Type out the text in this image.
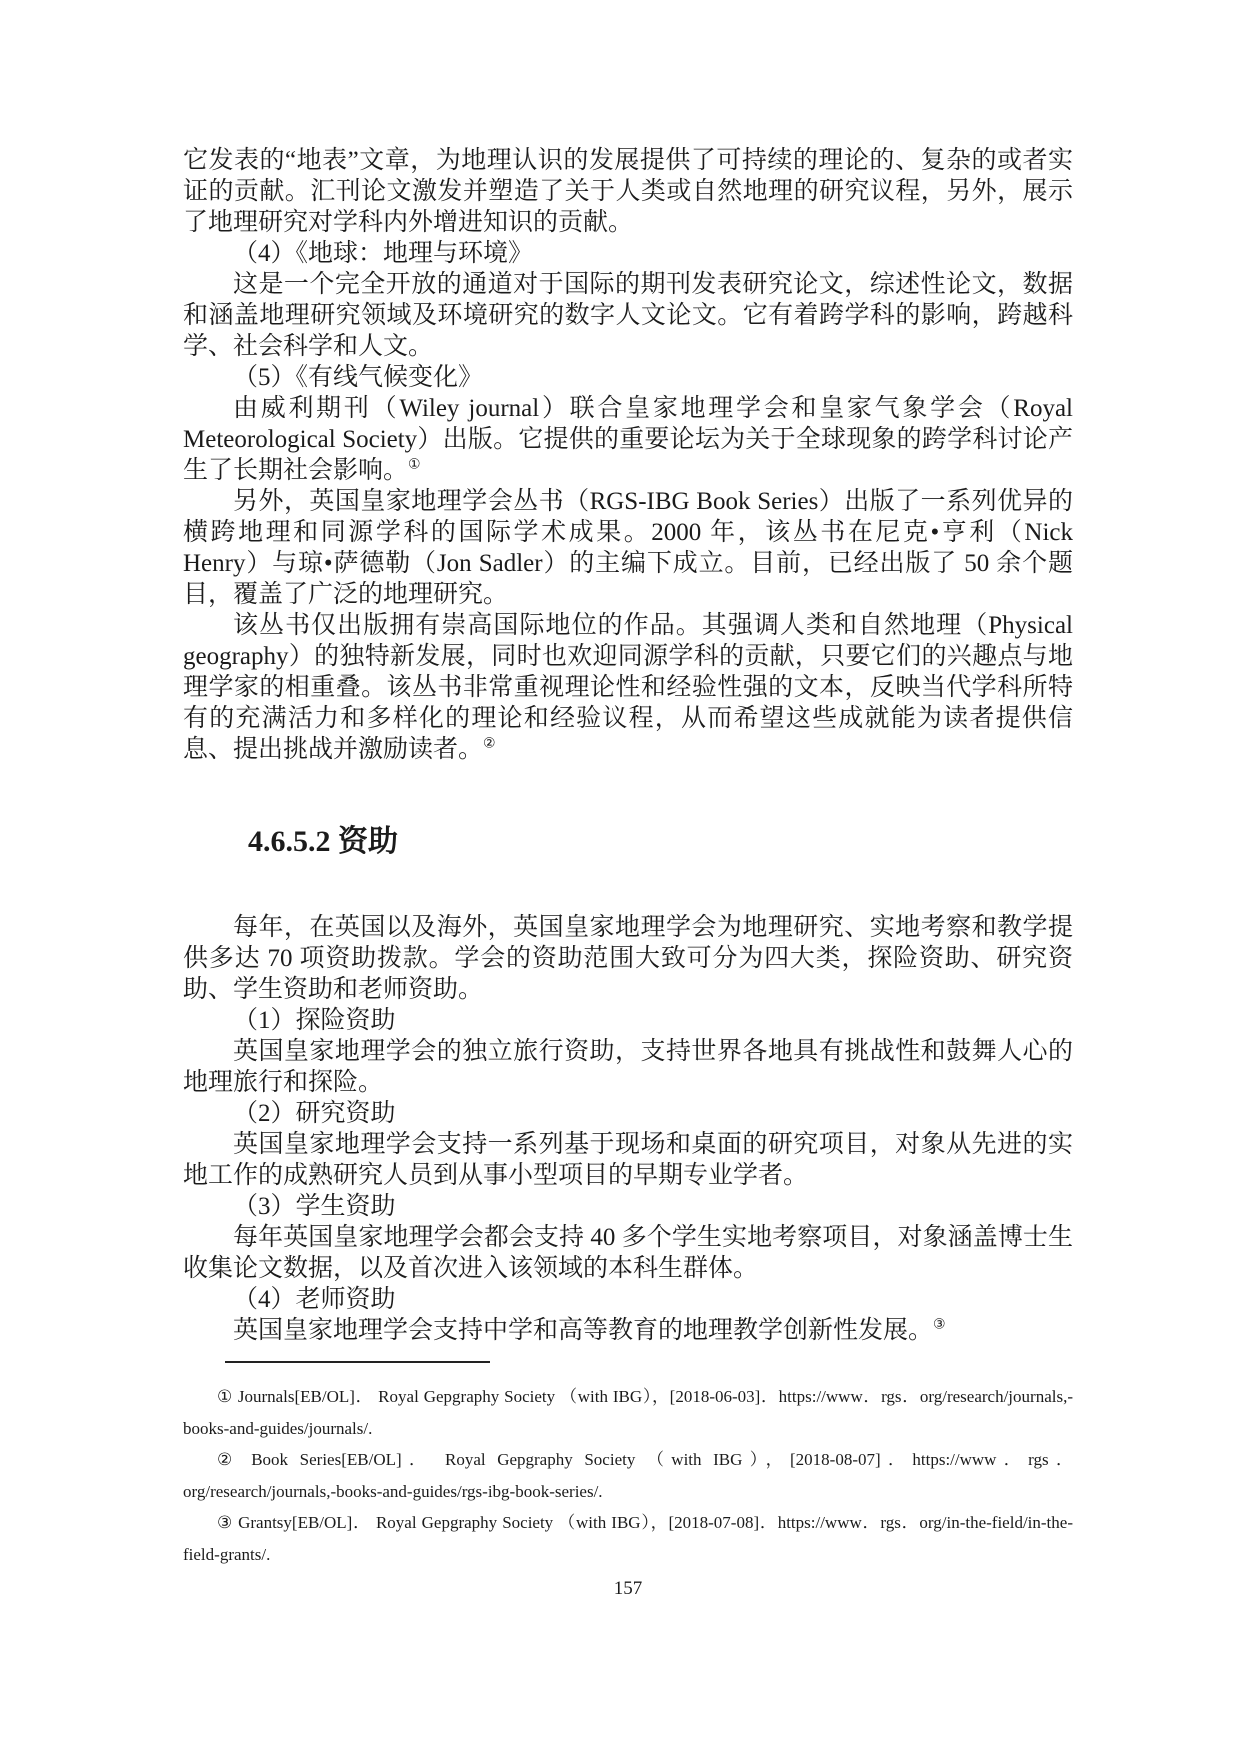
它发表的“地表”文章，为地理认识的发展提供了可持续的理论的、复杂的或者实证的贡献。汇刊论文激发并塑造了关于人类或自然地理的研究议程，另外，展示了地理研究对学科内外增进知识的贡献。

（4）《地球：地理与环境》

这是一个完全开放的通道对于国际的期刊发表研究论文，综述性论文，数据和涵盖地理研究领域及环境研究的数字人文论文。它有着跨学科的影响，跨越科学、社会科学和人文。

（5）《有线气候变化》

由威利期刊（Wiley journal）联合皇家地理学会和皇家气象学会（Royal Meteorological Society）出版。它提供的重要论坛为关于全球现象的跨学科讨论产生了长期社会影响。①

另外，英国皇家地理学会丛书（RGS-IBG Book Series）出版了一系列优异的横跨地理和同源学科的国际学术成果。2000 年，该丛书在尼克•亨利（Nick Henry）与琼•萨德勒（Jon Sadler）的主编下成立。目前，已经出版了 50 余个题目，覆盖了广泛的地理研究。

该丛书仅出版拥有崇高国际地位的作品。其强调人类和自然地理（Physical geography）的独特新发展，同时也欢迎同源学科的贡献，只要它们的兴趣点与地理学家的相重叠。该丛书非常重视理论性和经验性强的文本，反映当代学科所特有的充满活力和多样化的理论和经验议程，从而希望这些成就能为读者提供信息、提出挑战并激励读者。②

4.6.5.2 资助

每年，在英国以及海外，英国皇家地理学会为地理研究、实地考察和教学提供多达 70 项资助拨款。学会的资助范围大致可分为四大类，探险资助、研究资助、学生资助和老师资助。

（1）探险资助

英国皇家地理学会的独立旅行资助，支持世界各地具有挑战性和鼓舞人心的地理旅行和探险。

（2）研究资助

英国皇家地理学会支持一系列基于现场和桌面的研究项目，对象从先进的实地工作的成熟研究人员到从事小型项目的早期专业学者。

（3）学生资助

每年英国皇家地理学会都会支持 40 多个学生实地考察项目，对象涵盖博士生收集论文数据，以及首次进入该领域的本科生群体。

（4）老师资助

英国皇家地理学会支持中学和高等教育的地理教学创新性发展。③

① Journals[EB/OL]． Royal Gepgraphy Society （with IBG），[2018-06-03]．https://www．rgs．org/research/journals,-books-and-guides/journals/.

② Book Series[EB/OL]． Royal Gepgraphy Society （with IBG），[2018-08-07]．https://www．rgs．org/research/journals,-books-and-guides/rgs-ibg-book-series/.

③ Grantsy[EB/OL]． Royal Gepgraphy Society （with IBG），[2018-07-08]．https://www．rgs．org/in-the-field/in-the-field-grants/.

157
